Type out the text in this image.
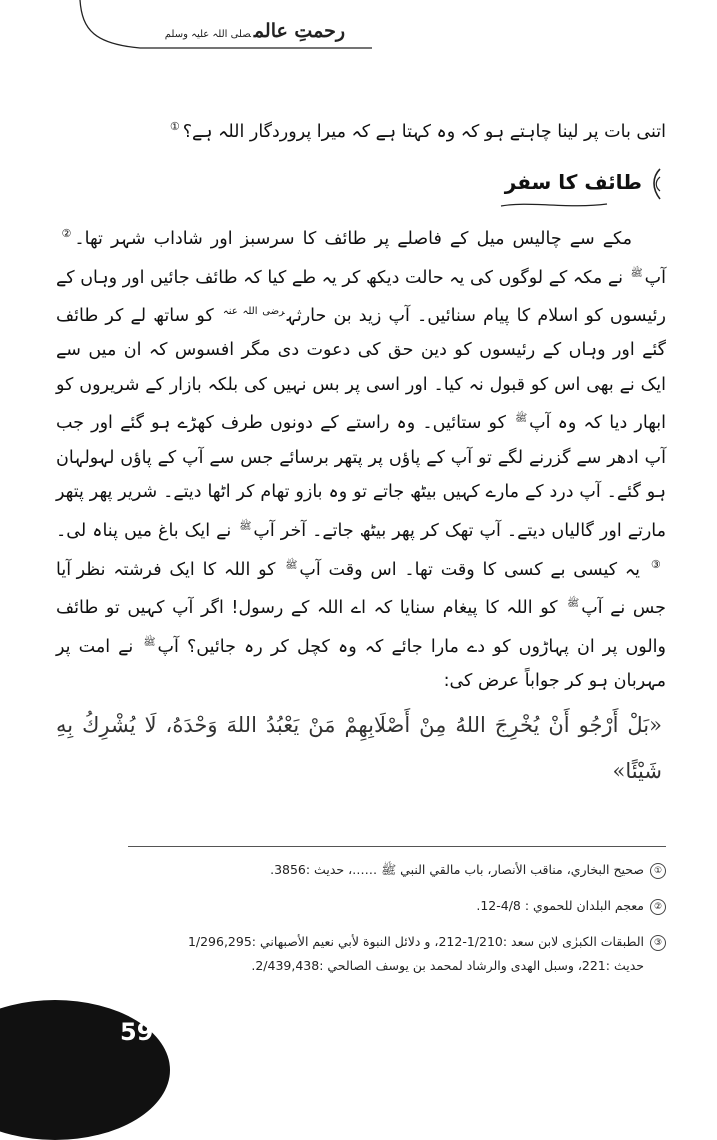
رحمتِ عالمصلی اللہ علیہ وسلم

اتنی بات پر لینا چاہتے ہو کہ وہ کہتا ہے کہ میرا پروردگار اللہ ہے؟①

طائف کا سفر

مکے سے چالیس میل کے فاصلے پر طائف کا سرسبز اور شاداب شہر تھا۔② آپ$^ﷺ$ نے مکہ کے لوگوں کی یہ حالت دیکھ کر یہ طے کیا کہ طائف جائیں اور وہاں کے رئیسوں کو اسلام کا پیام سنائیں۔ آپ زید بن حارثہ$^{رضی اللہ عنہ}$ کو ساتھ لے کر طائف گئے اور وہاں کے رئیسوں کو دین حق کی دعوت دی مگر افسوس کہ ان میں سے ایک نے بھی اس کو قبول نہ کیا۔ اور اسی پر بس نہیں کی بلکہ بازار کے شریروں کو ابھار دیا کہ وہ آپ$^ﷺ$ کو ستائیں۔ وہ راستے کے دونوں طرف کھڑے ہو گئے اور جب آپ ادھر سے گزرنے لگے تو آپ کے پاؤں پر پتھر برسائے جس سے آپ کے پاؤں لہولہان ہو گئے۔ آپ درد کے مارے کہیں بیٹھ جاتے تو وہ بازو تھام کر اٹھا دیتے۔ شریر پھر پتھر مارتے اور گالیاں دیتے۔ آپ تھک کر پھر بیٹھ جاتے۔ آخر آپ$^ﷺ$ نے ایک باغ میں پناہ لی۔③ یہ کیسی بے کسی کا وقت تھا۔ اس وقت آپ$^ﷺ$ کو اللہ کا ایک فرشتہ نظر آیا جس نے آپ$^ﷺ$ کو اللہ کا پیغام سنایا کہ اے اللہ کے رسول! اگر آپ کہیں تو طائف والوں پر ان پہاڑوں کو دے مارا جائے کہ وہ کچل کر رہ جائیں؟ آپ$^ﷺ$ نے امت پر مہربان ہو کر جواباً عرض کی:

«بَلْ أَرْجُو أَنْ يُخْرِجَ اللهُ مِنْ أَصْلَابِهِمْ مَنْ يَعْبُدُ اللهَ وَحْدَهُ، لَا يُشْرِكُ بِهِ شَيْئًا»

①صحيح البخاري، مناقب الأنصار، باب مالقي النبي ﷺ ……، حديث :3856.
②معجم البلدان للحموي : 4/8-12.
③الطبقات الكبرٰى لابن سعد :1/210-212، و دلائل النبوة لأبي نعيم الأصبهاني :1/296,295
حديث :221، وسبل الهدى والرشاد لمحمد بن يوسف الصالحي :2/439,438.
59
